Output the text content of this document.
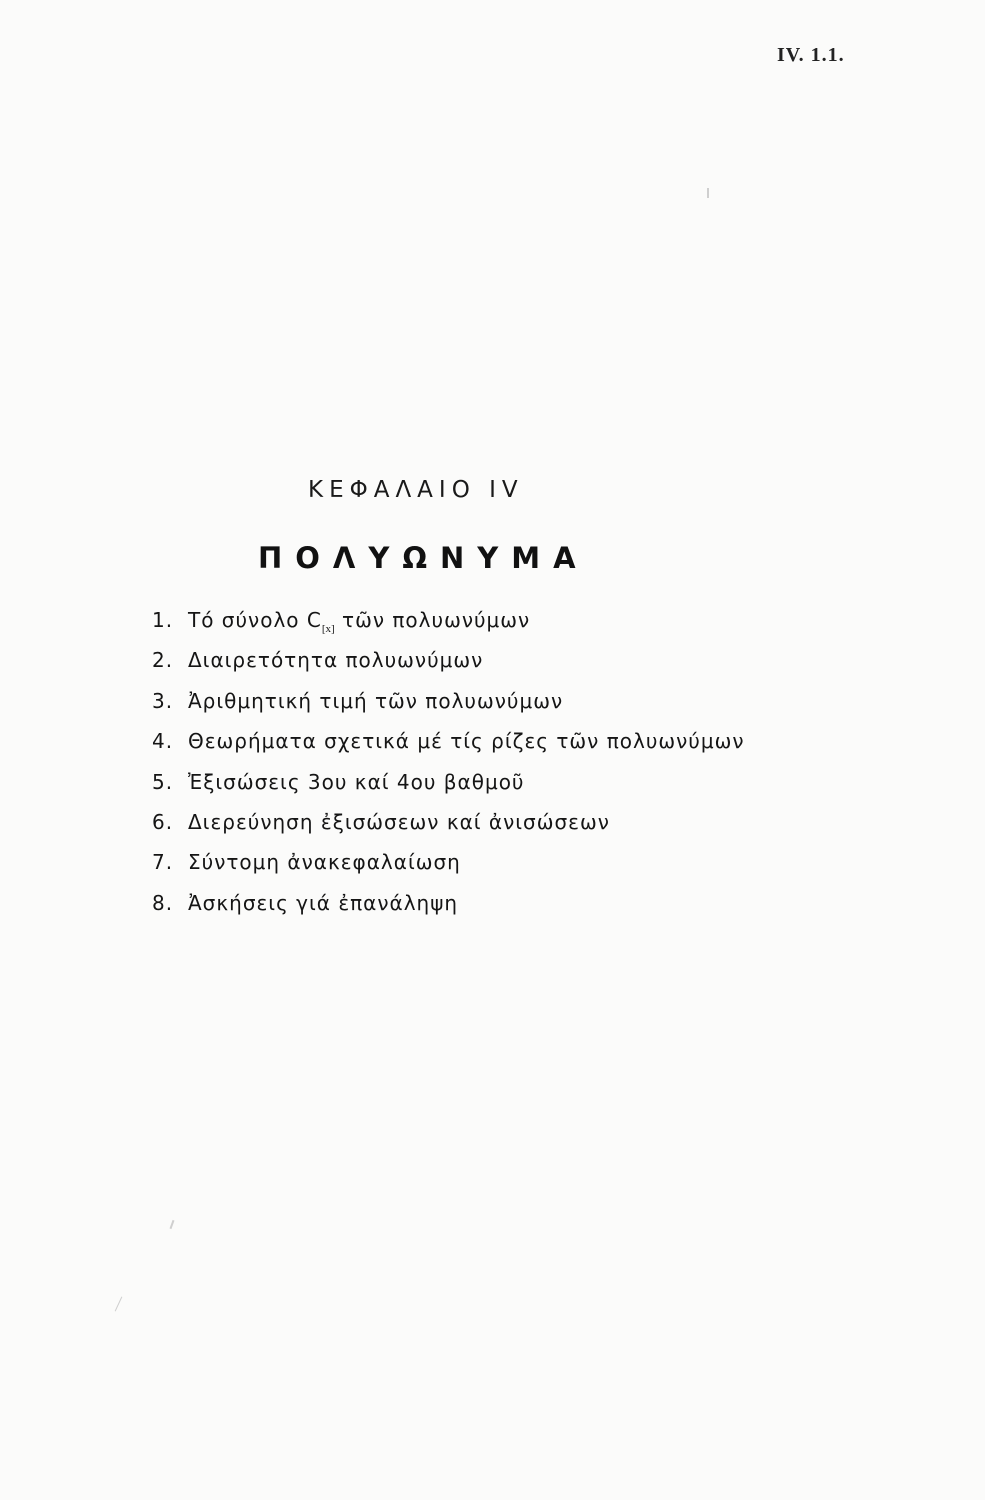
IV. 1.1.
ΚΕΦΑΛΑΙΟ IV
ΠΟΛΥΩΝΥΜΑ
1. Τό σύνολο $C_{[x]}$ τῶν πολυωνύμων
2. Διαιρετότητα πολυωνύμων
3. Ἀριθμητική τιμή τῶν πολυωνύμων
4. Θεωρήματα σχετικά μέ τίς ρίζες τῶν πολυωνύμων
5. Ἐξισώσεις 3ου καί 4ου βαθμοῦ
6. Διερεύνηση ἐξισώσεων καί ἀνισώσεων
7. Σύντομη ἀνακεφαλαίωση
8. Ἀσκήσεις γιά ἐπανάληψη
